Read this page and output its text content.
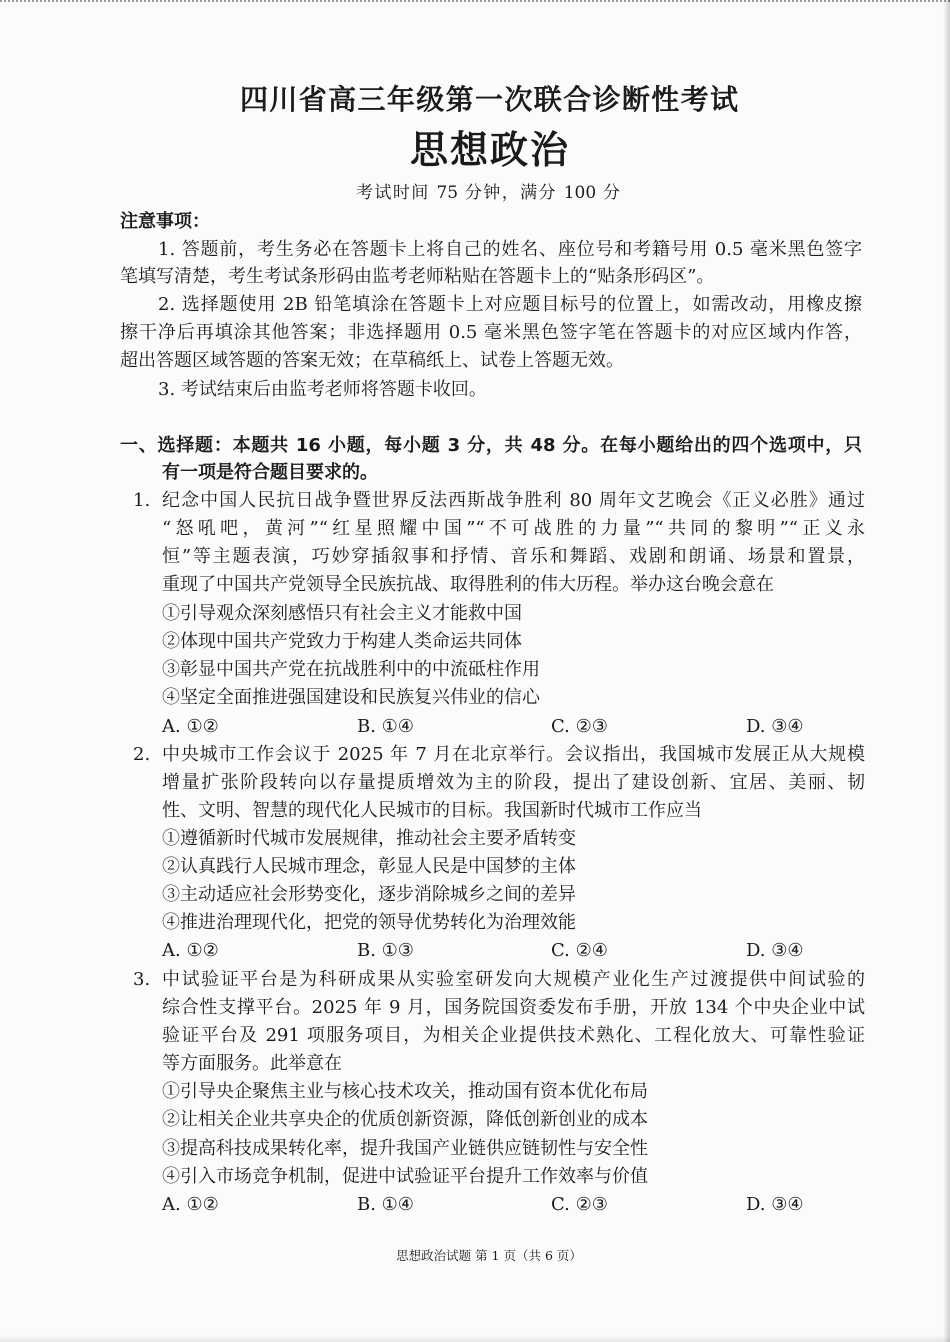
四川省高三年级第一次联合诊断性考试
思想政治
考试时间 75 分钟，满分 100 分
注意事项：
1. 答题前，考生务必在答题卡上将自己的姓名、座位号和考籍号用 0.5 毫米黑色签字
笔填写清楚，考生考试条形码由监考老师粘贴在答题卡上的“贴条形码区”。
2. 选择题使用 2B 铅笔填涂在答题卡上对应题目标号的位置上，如需改动，用橡皮擦
擦干净后再填涂其他答案；非选择题用 0.5 毫米黑色签字笔在答题卡的对应区域内作答，
超出答题区域答题的答案无效；在草稿纸上、试卷上答题无效。
3. 考试结束后由监考老师将答题卡收回。
一、选择题：本题共 16 小题，每小题 3 分，共 48 分。在每小题给出的四个选项中，只
有一项是符合题目要求的。
1. 纪念中国人民抗日战争暨世界反法西斯战争胜利 80 周年文艺晚会《正义必胜》通过
“怒吼吧，黄河”“红星照耀中国”“不可战胜的力量”“共同的黎明”“正义永
恒”等主题表演，巧妙穿插叙事和抒情、音乐和舞蹈、戏剧和朗诵、场景和置景，
重现了中国共产党领导全民族抗战、取得胜利的伟大历程。举办这台晚会意在
①引导观众深刻感悟只有社会主义才能救中国
②体现中国共产党致力于构建人类命运共同体
③彰显中国共产党在抗战胜利中的中流砥柱作用
④坚定全面推进强国建设和民族复兴伟业的信心
A. ①②	B. ①④	C. ②③	D. ③④
2. 中央城市工作会议于 2025 年 7 月在北京举行。会议指出，我国城市发展正从大规模
增量扩张阶段转向以存量提质增效为主的阶段，提出了建设创新、宜居、美丽、韧
性、文明、智慧的现代化人民城市的目标。我国新时代城市工作应当
①遵循新时代城市发展规律，推动社会主要矛盾转变
②认真践行人民城市理念，彰显人民是中国梦的主体
③主动适应社会形势变化，逐步消除城乡之间的差异
④推进治理现代化，把党的领导优势转化为治理效能
A. ①②	B. ①③	C. ②④	D. ③④
3. 中试验证平台是为科研成果从实验室研发向大规模产业化生产过渡提供中间试验的
综合性支撑平台。2025 年 9 月，国务院国资委发布手册，开放 134 个中央企业中试
验证平台及 291 项服务项目，为相关企业提供技术熟化、工程化放大、可靠性验证
等方面服务。此举意在
①引导央企聚焦主业与核心技术攻关，推动国有资本优化布局
②让相关企业共享央企的优质创新资源，降低创新创业的成本
③提高科技成果转化率，提升我国产业链供应链韧性与安全性
④引入市场竞争机制，促进中试验证平台提升工作效率与价值
A. ①②	B. ①④	C. ②③	D. ③④
思想政治试题 第 1 页（共 6 页）
